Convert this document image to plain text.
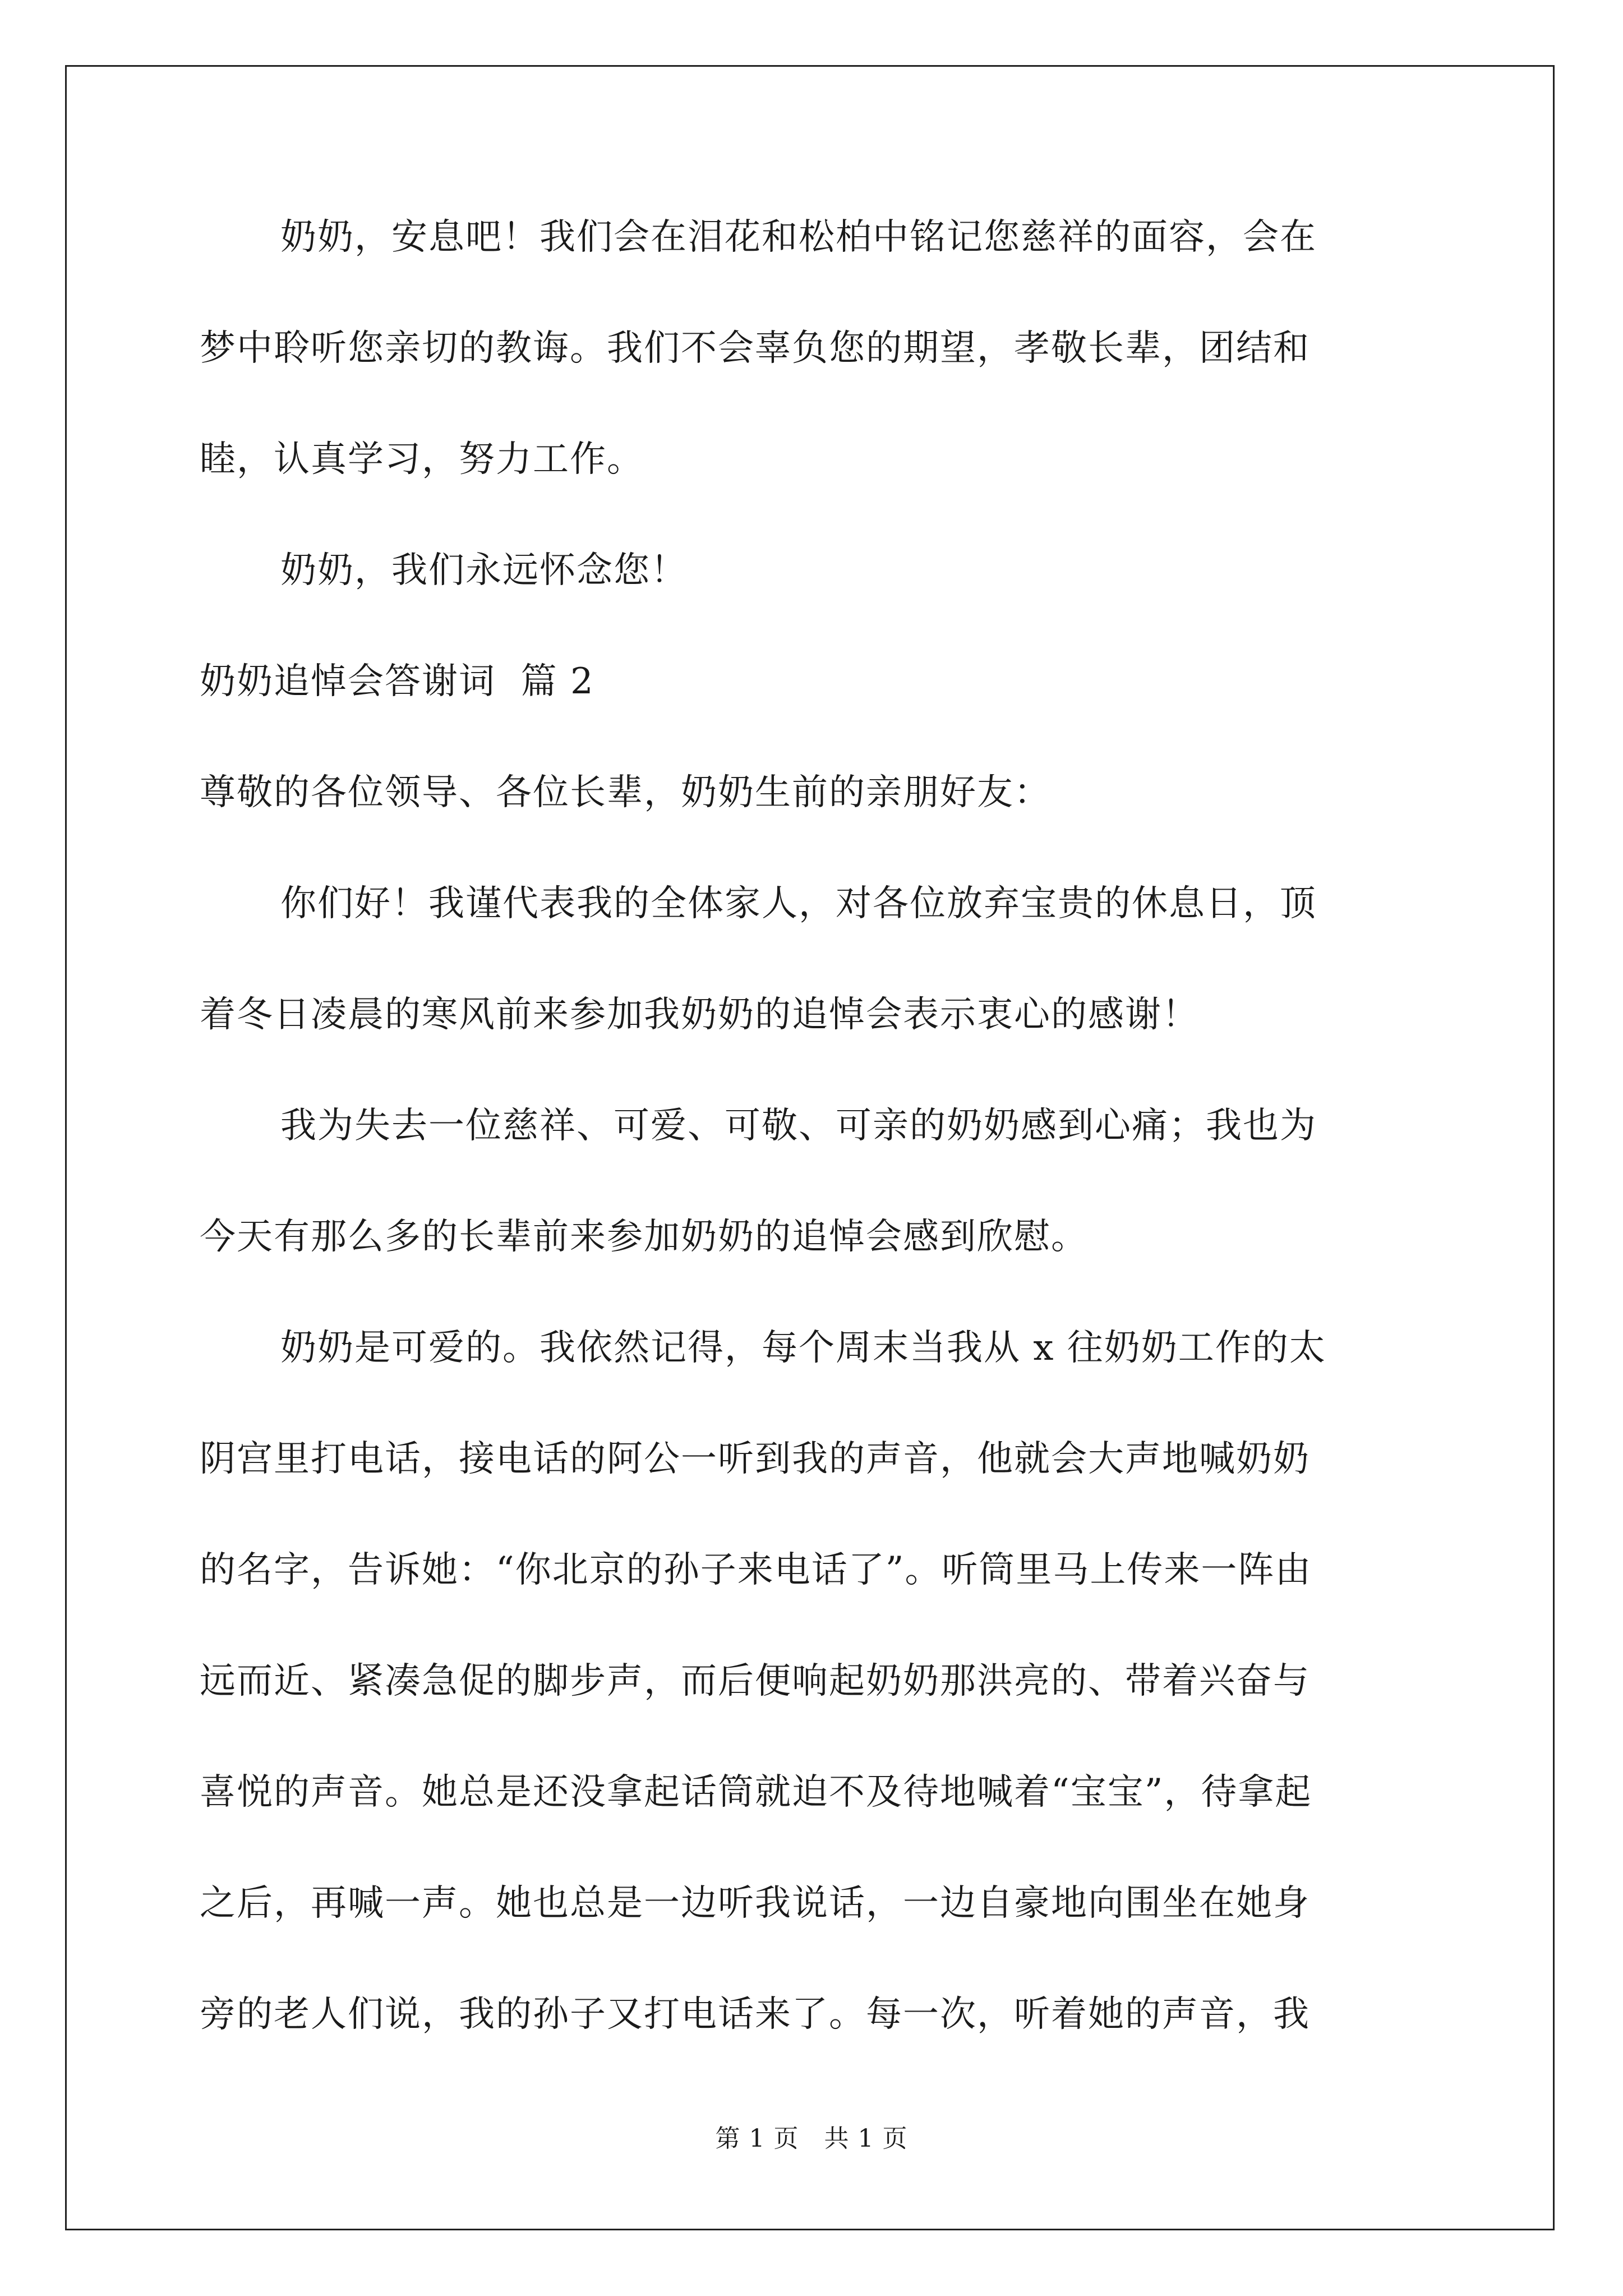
奶奶，安息吧！我们会在泪花和松柏中铭记您慈祥的面容，会在
梦中聆听您亲切的教诲。我们不会辜负您的期望，孝敬长辈，团结和
睦，认真学习，努力工作。
奶奶，我们永远怀念您！
奶奶追悼会答谢词  篇 2
尊敬的各位领导、各位长辈，奶奶生前的亲朋好友：
你们好！我谨代表我的全体家人，对各位放弃宝贵的休息日，顶
着冬日凌晨的寒风前来参加我奶奶的追悼会表示衷心的感谢！
我为失去一位慈祥、可爱、可敬、可亲的奶奶感到心痛；我也为
今天有那么多的长辈前来参加奶奶的追悼会感到欣慰。
奶奶是可爱的。我依然记得，每个周末当我从 x 往奶奶工作的太
阴宫里打电话，接电话的阿公一听到我的声音，他就会大声地喊奶奶
的名字，告诉她：“你北京的孙子来电话了”。听筒里马上传来一阵由
远而近、紧凑急促的脚步声，而后便响起奶奶那洪亮的、带着兴奋与
喜悦的声音。她总是还没拿起话筒就迫不及待地喊着“宝宝”，待拿起
之后，再喊一声。她也总是一边听我说话，一边自豪地向围坐在她身
旁的老人们说，我的孙子又打电话来了。每一次，听着她的声音，我
第 1 页   共 1 页
